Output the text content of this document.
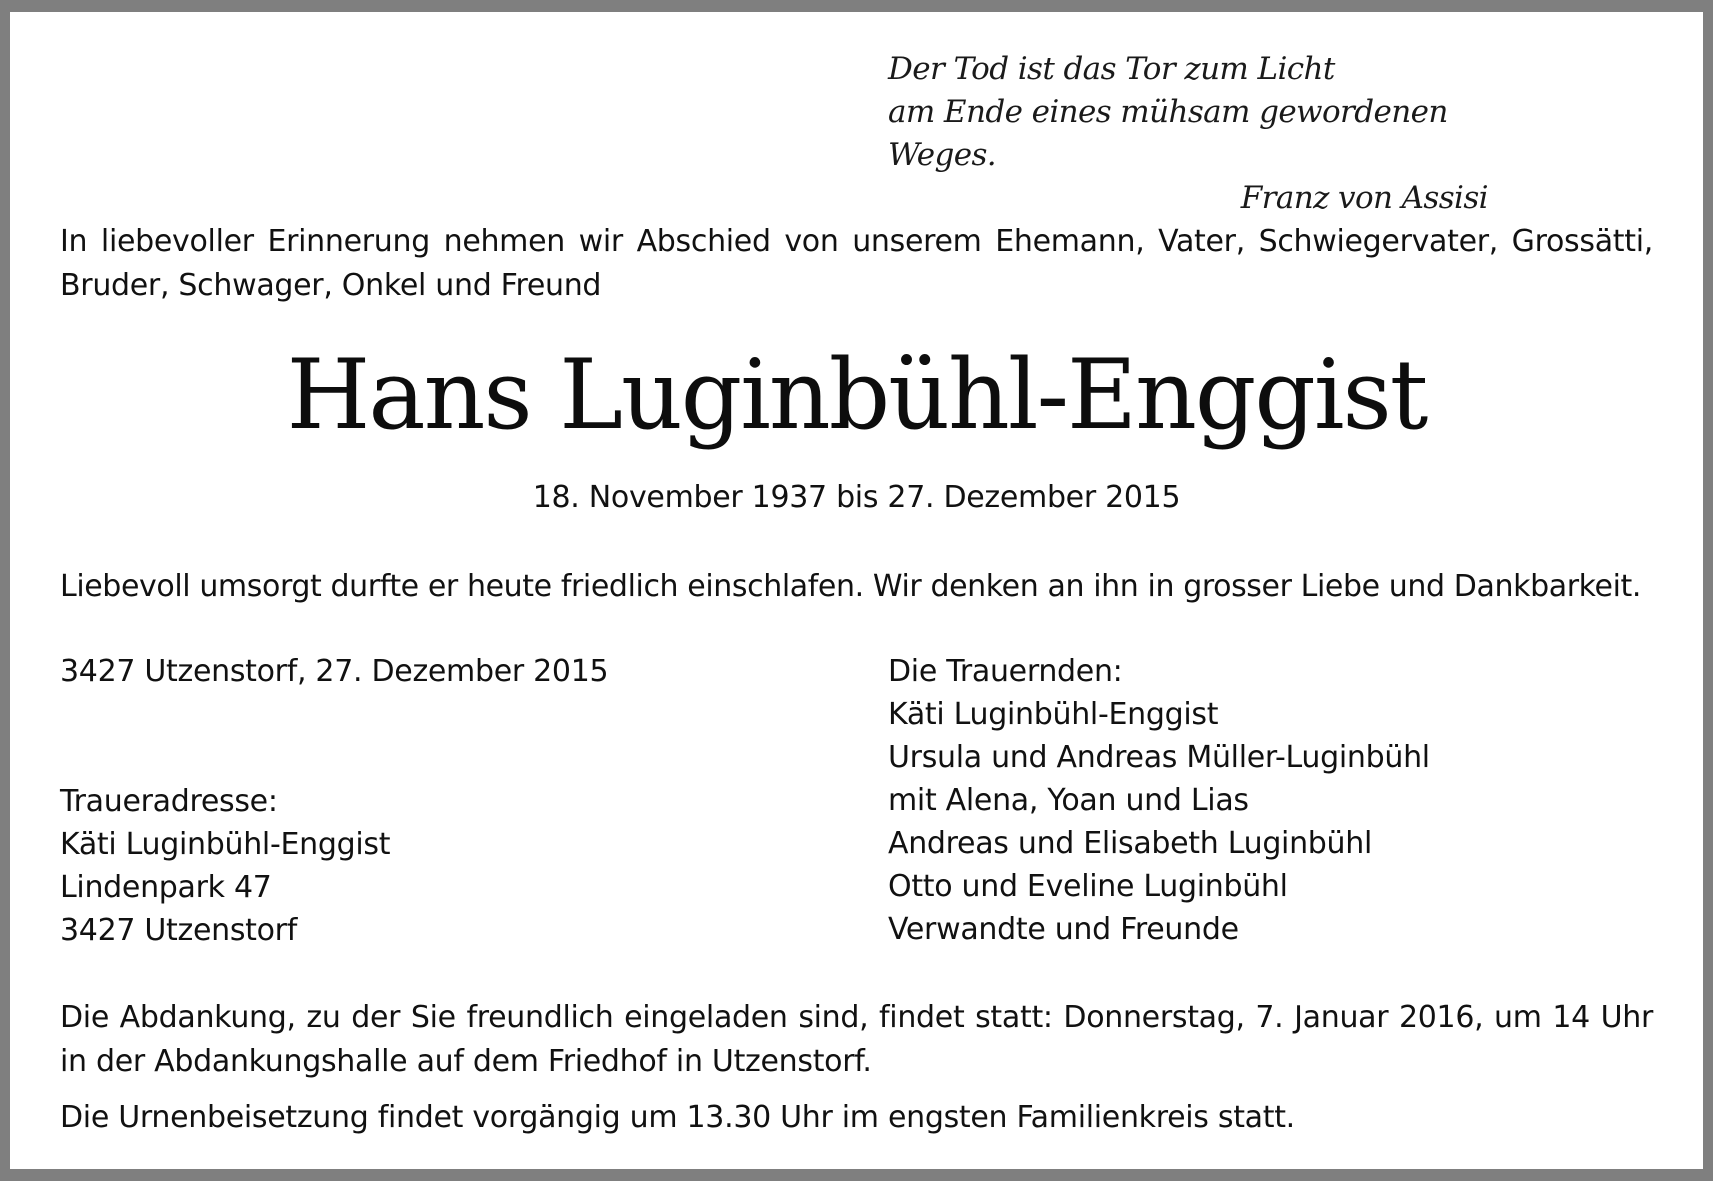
Der Tod ist das Tor zum Licht
am Ende eines mühsam gewordenen Weges.
Franz von Assisi
In liebevoller Erinnerung nehmen wir Abschied von unserem Ehemann, Vater, Schwiegervater, Grossätti,
Bruder, Schwager, Onkel und Freund
Hans Luginbühl-Enggist
18. November 1937 bis 27. Dezember 2015
Liebevoll umsorgt durfte er heute friedlich einschlafen. Wir denken an ihn in grosser Liebe und Dankbarkeit.
3427 Utzenstorf, 27. Dezember 2015
Traueradresse:
Käti Luginbühl-Enggist
Lindenpark 47
3427 Utzenstorf
Die Trauernden:
Käti Luginbühl-Enggist
Ursula und Andreas Müller-Luginbühl
mit Alena, Yoan und Lias
Andreas und Elisabeth Luginbühl
Otto und Eveline Luginbühl
Verwandte und Freunde
Die Abdankung, zu der Sie freundlich eingeladen sind, findet statt: Donnerstag, 7. Januar 2016, um 14 Uhr
in der Abdankungshalle auf dem Friedhof in Utzenstorf.
Die Urnenbeisetzung findet vorgängig um 13.30 Uhr im engsten Familienkreis statt.
